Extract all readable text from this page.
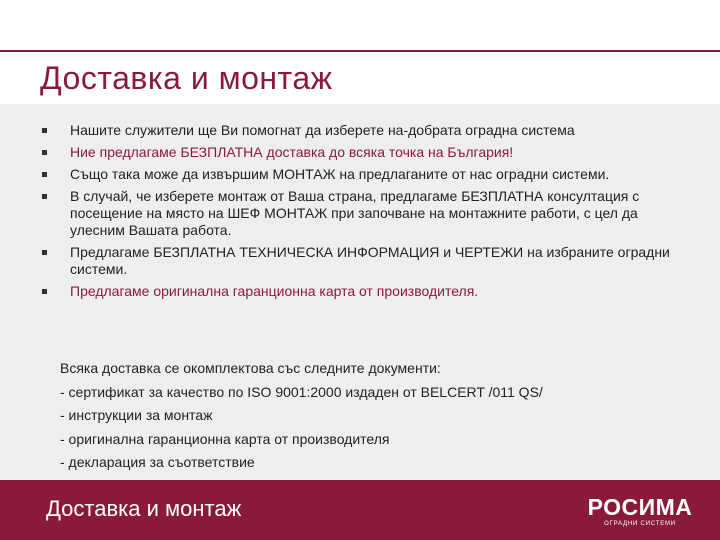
Доставка и монтаж
Нашите служители ще Ви помогнат да изберете на-добрата оградна система
Ние предлагаме БЕЗПЛАТНА доставка до всяка точка на България!
Също така може да извършим МОНТАЖ на предлаганите от нас оградни системи.
В случай, че изберете монтаж от Ваша страна, предлагаме БЕЗПЛАТНА консултация с посещение на място на ШЕФ МОНТАЖ при започване на монтажните работи, с цел да улесним Вашата работа.
Предлагаме БЕЗПЛАТНА ТЕХНИЧЕСКА ИНФОРМАЦИЯ и ЧЕРТЕЖИ на избраните оградни системи.
Предлагаме оригинална гаранционна карта от производителя.
Всяка доставка се окомплектова със следните документи:
- сертификат за качество по ISO 9001:2000 издаден от BELCERT /011 QS/
- инструкции за монтаж
- оригинална гаранционна карта от производителя
- декларация за съответствие
Доставка и монтаж	РОСИМА
ОГРАДНИ СИСТЕМИ
